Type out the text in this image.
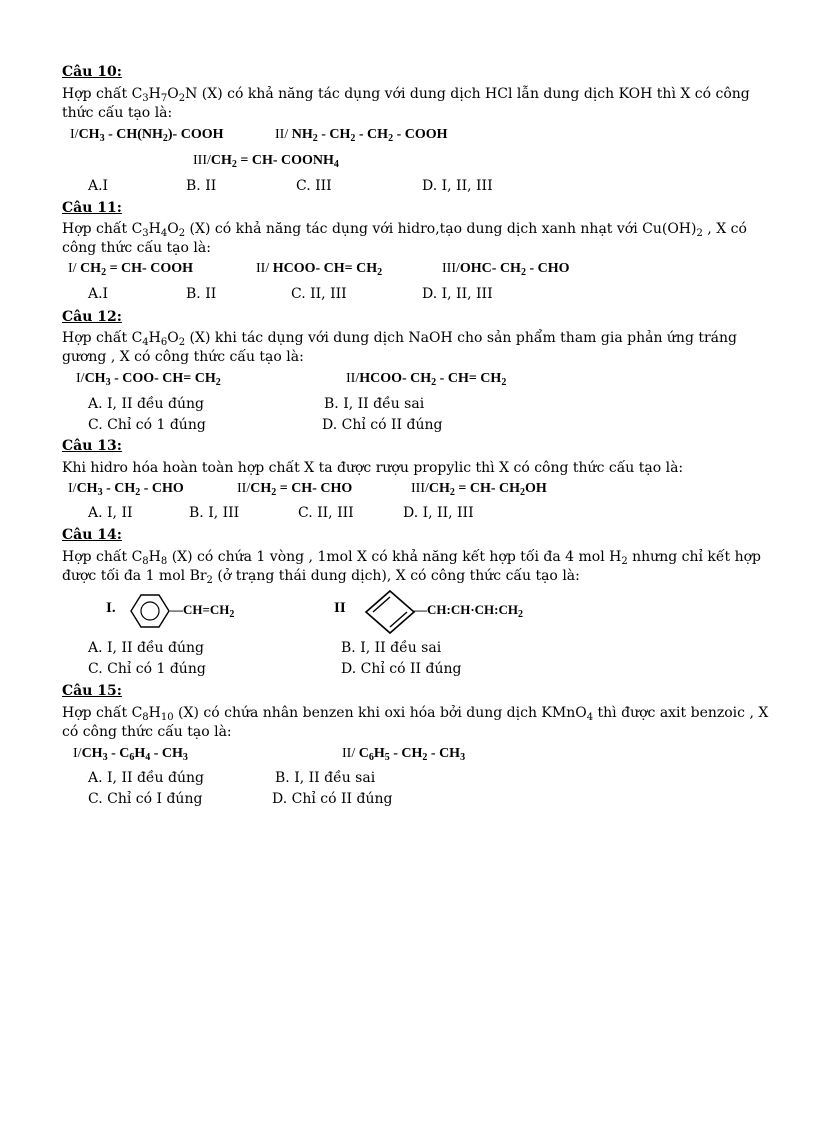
Câu 10:
Hợp chất $C_3H_7O_2N$ (X) có khả năng tác dụng với dung dịch HCl lẫn dung dịch KOH thì X có công thức cấu tạo là:
$I/CH_3 - CH(NH_2)-$ COOH	II/ $NH_2 - CH_2 - CH_2$ - COOH
III/$CH_2 = CH-$ $COONH_4$
A.I	B. II	C. III	D. I, II, III
Câu 11:
Hợp chất $C_3H_4O_2$ (X) có khả năng tác dụng với hidro,tạo dung dịch xanh nhạt với $Cu(OH)_2$ , X có công thức cấu tạo là:
I/ $CH_2 = CH-$ COOH	II/ HCOO- $CH= CH_2$	III/OHC- $CH_2$ - CHO
A.I	B. II	C. II, III	D. I, II, III
Câu 12:
Hợp chất $C_4H_6O_2$ (X) khi tác dụng với dung dịch NaOH cho sản phẩm tham gia phản ứng tráng gương , X có công thức cấu tạo là:
$I/CH_3 - COO-$ $CH= CH_2$	II/HCOO- $CH_2 - CH= CH_2$
A. I, II đều đúng	B. I, II đều sai
C. Chỉ có 1 đúng	D. Chỉ có II đúng
Câu 13:
Khi hidro hóa hoàn toàn hợp chất X ta được rượu propylic thì X có công thức cấu tạo là:
$I/CH_3 - CH_2$ - CHO	$II/CH_2 = CH-$ CHO	III/$CH_2 = CH-$ $CH_2OH$
A. I, II	B. I, III	C. II, III	D. I, II, III
Câu 14:
Hợp chất $C_8H_8$ (X) có chứa 1 vòng , 1mol X có khả năng kết hợp tối đa 4 mol $H_2$ nhưng chỉ kết hợp được tối đa 1 mol $Br_2$ (ở trạng thái dung dịch), X có công thức cấu tạo là:
I.	$—CH=CH_2$	II	$—CH:CH\cdot CH:CH_2$
A. I, II đều đúng	B. I, II đều sai
C. Chỉ có 1 đúng	D. Chỉ có II đúng
Câu 15:
Hợp chất $C_8H_{10}$ (X) có chứa nhân benzen khi oxi hóa bởi dung dịch KMnO$_4$ thì được axit benzoic , X có công thức cấu tạo là:
$I/CH_3 - C_6H_4 - CH_3$	II/ $C_6H_5 - CH_2 - CH_3$
A. I, II đều đúng	B. I, II đều sai
C. Chỉ có I đúng	D. Chỉ có II đúng
